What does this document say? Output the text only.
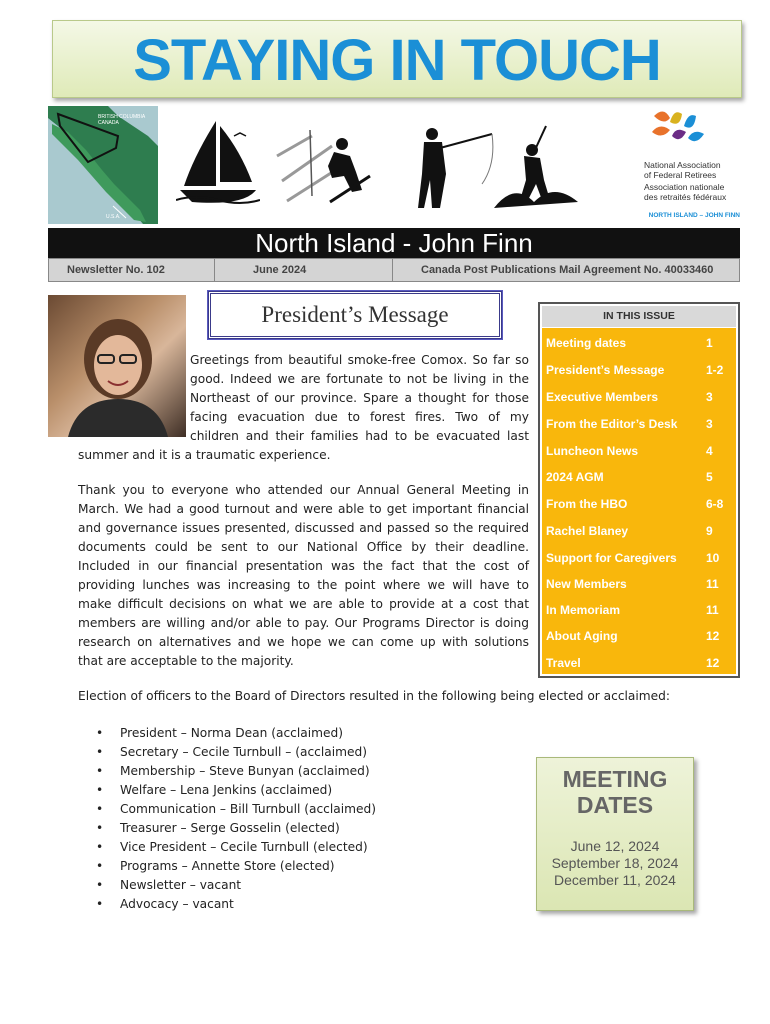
STAYING IN TOUCH
BRITISH COLUMBIA
CANADA
U.S.A.
National Association
of Federal Retirees
Association nationale
des retraités fédéraux
NORTH ISLAND – JOHN FINN
North Island - John Finn
Newsletter No. 102	June 2024	Canada Post Publications Mail Agreement No. 40033460
President’s Message
Greetings from beautiful smoke-free Comox. So far so
good. Indeed we are fortunate to not be living in the
Northeast of our province. Spare a thought for those
facing evacuation due to forest fires. Two of my
children and their families had to be evacuated last
summer and it is a traumatic experience.
Thank you to everyone who attended our Annual General Meeting in
March. We had a good turnout and were able to get important financial
and governance issues presented, discussed and passed so the required
documents could be sent to our National Office by their deadline.
Included in our financial presentation was the fact that the cost of
providing lunches was increasing to the point where we will have to
make difficult decisions on what we are able to provide at a cost that
members are willing and/or able to pay. Our Programs Director is doing
research on alternatives and we hope we can come up with solutions
that are acceptable to the majority.
Election of officers to the Board of Directors resulted in the following being elected or acclaimed:
• President – Norma Dean (acclaimed)
• Secretary – Cecile Turnbull – (acclaimed)
• Membership – Steve Bunyan (acclaimed)
• Welfare – Lena Jenkins (acclaimed)
• Communication – Bill Turnbull (acclaimed)
• Treasurer – Serge Gosselin (elected)
• Vice President – Cecile Turnbull (elected)
• Programs – Annette Store (elected)
• Newsletter – vacant
• Advocacy – vacant
IN THIS ISSUE
Meeting dates	1
President’s Message	1-2
Executive Members	3
From the Editor’s Desk 3
Luncheon News	4
2024 AGM	5
From the HBO	6-8
Rachel Blaney	9
Support for Caregivers 10
New Members	11
In Memoriam	11
About Aging	12
Travel	12
MEETING
DATES
June 12, 2024
September 18, 2024
December 11, 2024
